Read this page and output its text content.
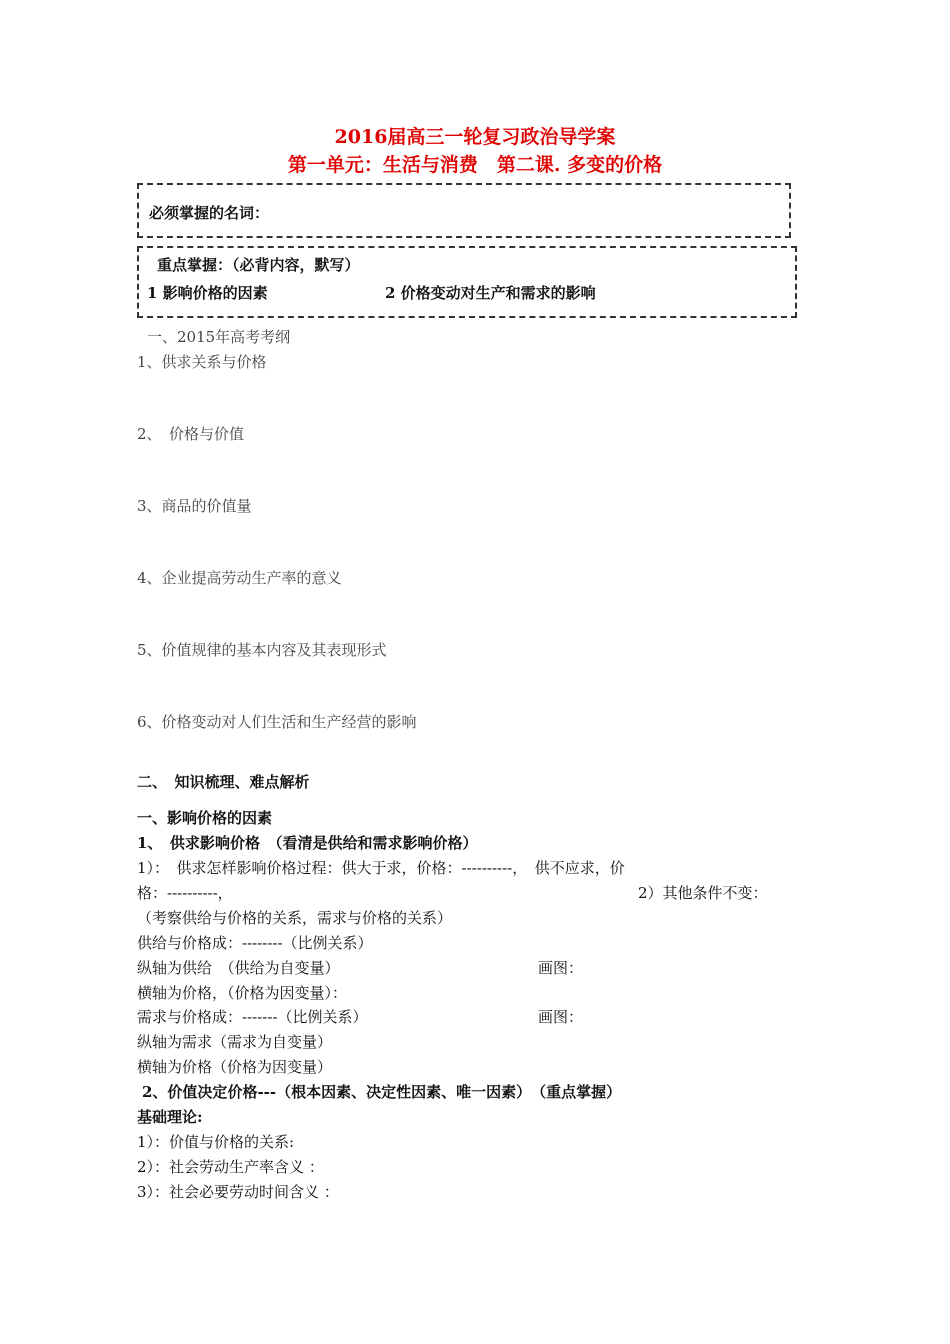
2016届高三一轮复习政治导学案
第一单元：生活与消费　第二课. 多变的价格
必须掌握的名词：
重点掌握：（必背内容，默写）
1 影响价格的因素	2 价格变动对生产和需求的影响
一、2015年高考考纲
1、供求关系与价格
2、　价格与价值
3、商品的价值量
4、企业提高劳动生产率的意义
5、价值规律的基本内容及其表现形式
6、价格变动对人们生活和生产经营的影响
二、　知识梳理、难点解析
一、影响价格的因素
1、　供求影响价格　（看清是供给和需求影响价格）
1）：　供求怎样影响价格过程：供大于求，价格：----------，　供不应求，价
格：----------，	2）其他条件不变：
（考察供给与价格的关系，需求与价格的关系）
供给与价格成：--------（比例关系）
纵轴为供给　（供给为自变量）	画图：
横轴为价格，（价格为因变量）：
需求与价格成：-------（比例关系）	画图：
纵轴为需求（需求为自变量）
横轴为价格（价格为因变量）
2、价值决定价格---（根本因素、决定性因素、唯一因素）　（重点掌握）
基础理论:
1）：价值与价格的关系:
2）：社会劳动生产率含义 ：
3）：社会必要劳动时间含义 ：
